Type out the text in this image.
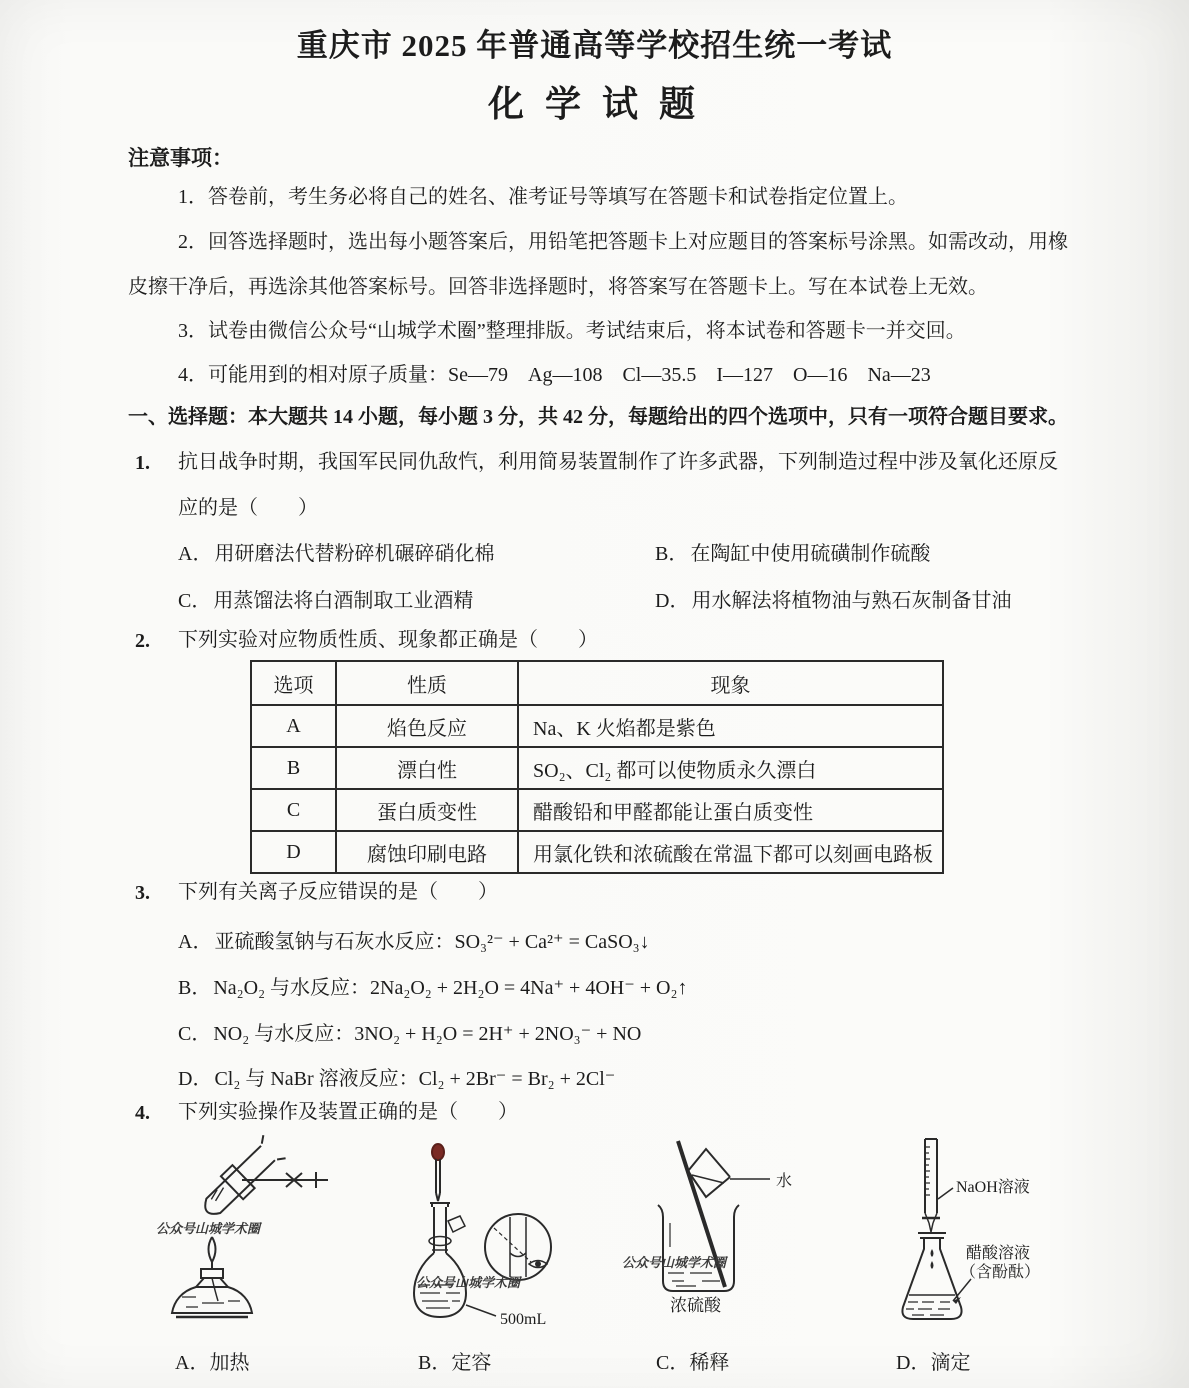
重庆市 2025 年普通高等学校招生统一考试
化 学 试 题
注意事项：
1．答卷前，考生务必将自己的姓名、准考证号等填写在答题卡和试卷指定位置上。
2．回答选择题时，选出每小题答案后，用铅笔把答题卡上对应题目的答案标号涂黑。如需改动，用橡皮擦干净后，再选涂其他答案标号。回答非选择题时，将答案写在答题卡上。写在本试卷上无效。
3．试卷由微信公众号“山城学术圈”整理排版。考试结束后，将本试卷和答题卡一并交回。
4．可能用到的相对原子质量：Se—79　Ag—108　Cl—35.5　I—127　O—16　Na—23
一、选择题：本大题共 14 小题，每小题 3 分，共 42 分，每题给出的四个选项中，只有一项符合题目要求。
1. 抗日战争时期，我国军民同仇敌忾，利用简易装置制作了许多武器，下列制造过程中涉及氧化还原反应的是（　　）
A． 用研磨法代替粉碎机碾碎硝化棉	B． 在陶缸中使用硫磺制作硫酸
C． 用蒸馏法将白酒制取工业酒精	D． 用水解法将植物油与熟石灰制备甘油
2. 下列实验对应物质性质、现象都正确是（　　）
选项	性质	现象
A	焰色反应	Na、K 火焰都是紫色
B	漂白性	SO₂、Cl₂ 都可以使物质永久漂白
C	蛋白质变性	醋酸铅和甲醛都能让蛋白质变性
D	腐蚀印刷电路	用氯化铁和浓硫酸在常温下都可以刻画电路板
3. 下列有关离子反应错误的是（　　）
A． 亚硫酸氢钠与石灰水反应：SO₃²⁻ + Ca²⁺ = CaSO₃↓
B． Na₂O₂ 与水反应：2Na₂O₂ + 2H₂O = 4Na⁺ + 4OH⁻ + O₂↑
C． NO₂ 与水反应：3NO₂ + H₂O = 2H⁺ + 2NO₃⁻ + NO
D． Cl₂ 与 NaBr 溶液反应：Cl₂ + 2Br⁻ = Br₂ + 2Cl⁻
4. 下列实验操作及装置正确的是（　　）
公众号山城学术圈
500mL
公众号山城学术圈
水
公众号山城学术圈
浓硫酸
NaOH溶液
醋酸溶液
（含酚酞）
A．加热	B．定容	C．稀释	D．滴定
